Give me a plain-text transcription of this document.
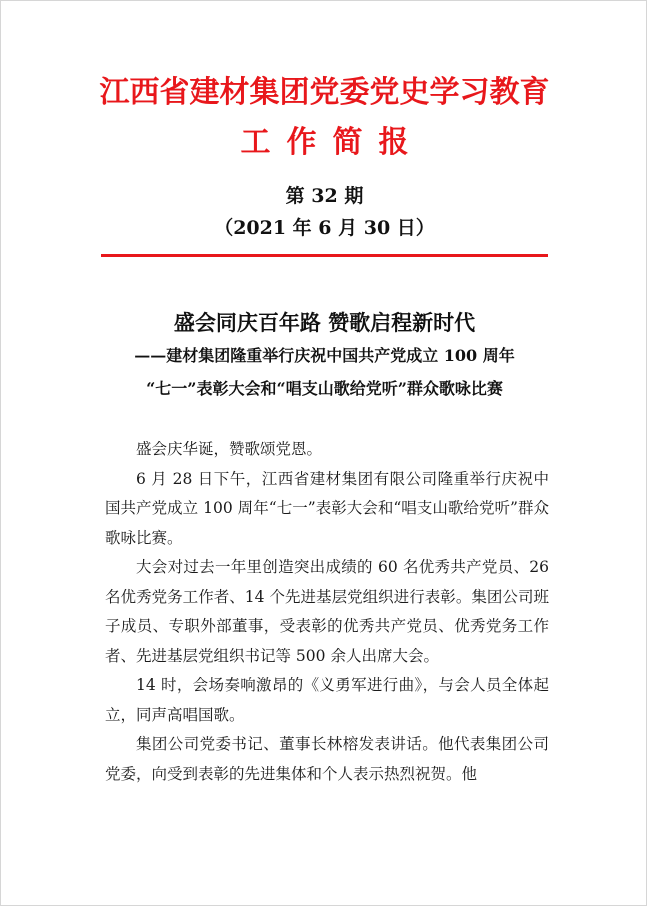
江西省建材集团党委党史学习教育
工作简报
第 32 期
（2021 年 6 月 30 日）
盛会同庆百年路 赞歌启程新时代
——建材集团隆重举行庆祝中国共产党成立 100 周年
“七一”表彰大会和“唱支山歌给党听”群众歌咏比赛

盛会庆华诞，赞歌颂党恩。

6 月 28 日下午，江西省建材集团有限公司隆重举行庆祝中国共产党成立 100 周年“七一”表彰大会和“唱支山歌给党听”群众歌咏比赛。

大会对过去一年里创造突出成绩的 60 名优秀共产党员、26 名优秀党务工作者、14 个先进基层党组织进行表彰。集团公司班子成员、专职外部董事，受表彰的优秀共产党员、优秀党务工作者、先进基层党组织书记等 500 余人出席大会。

14 时，会场奏响激昂的《义勇军进行曲》，与会人员全体起立，同声高唱国歌。

集团公司党委书记、董事长林榕发表讲话。他代表集团公司党委，向受到表彰的先进集体和个人表示热烈祝贺。他
